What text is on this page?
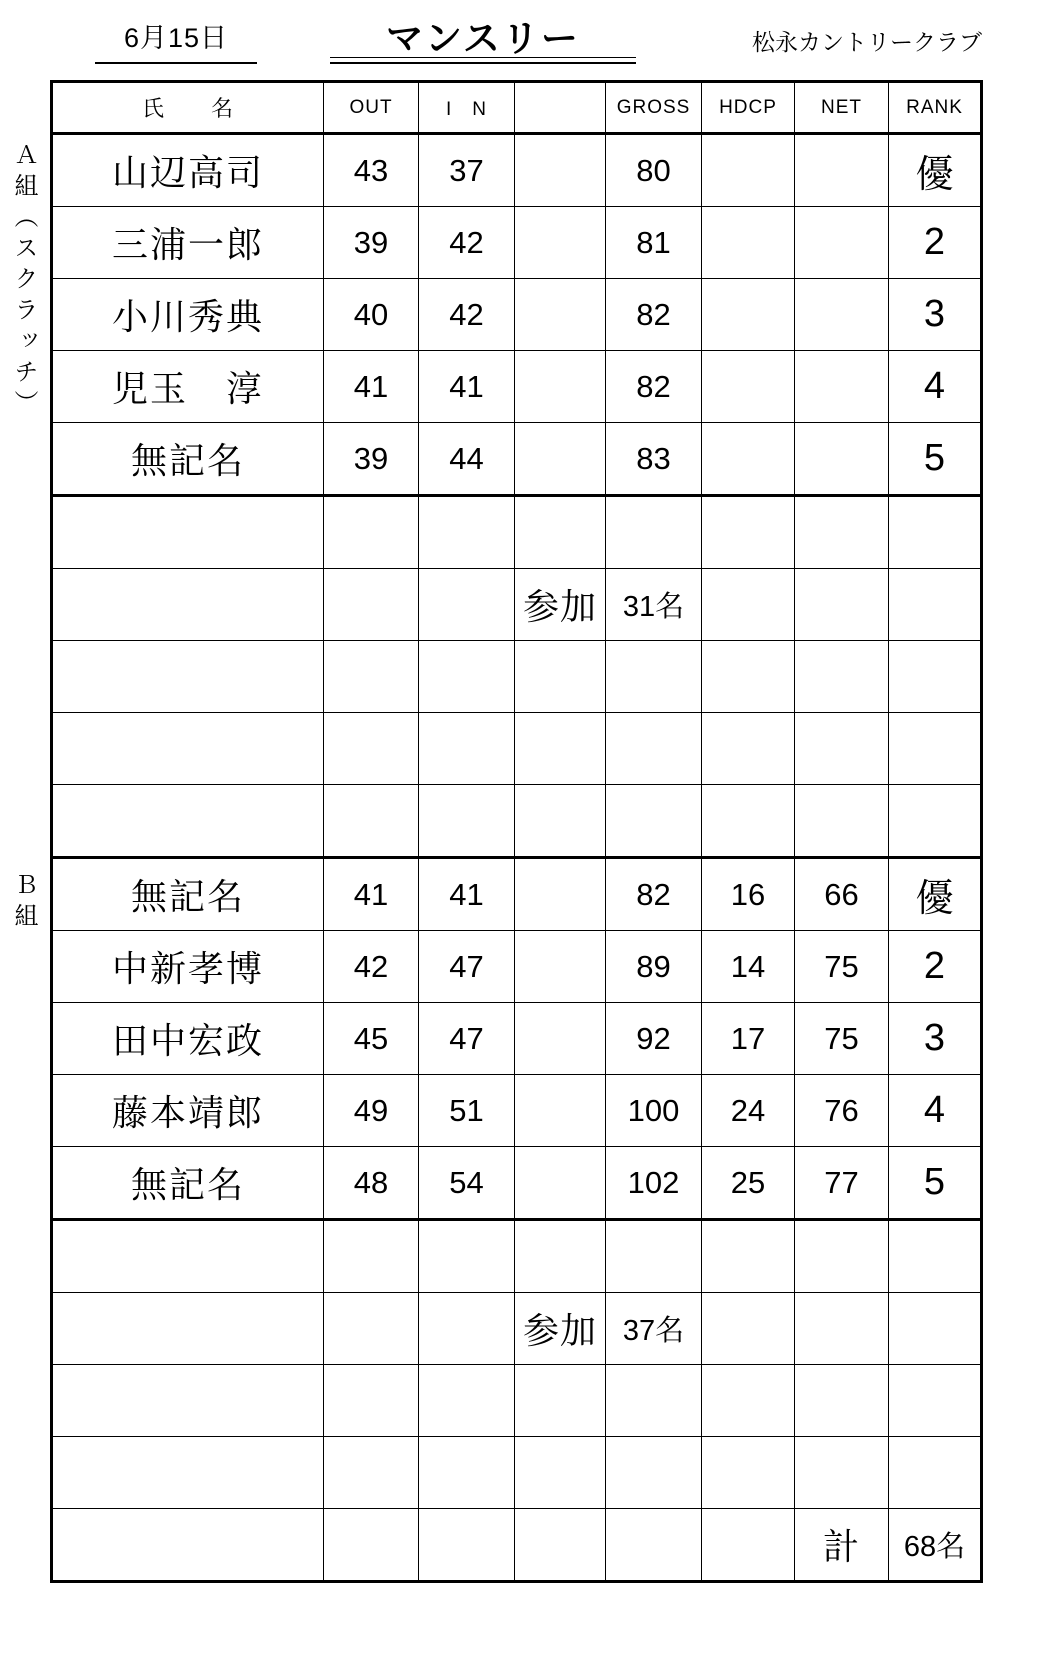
6月15日	マンスリー	松永カントリークラブ
Ａ組（スクラッチ）
Ｂ組
氏　　名	OUT	I　N		GROSS	HDCP	NET	RANK
山辺高司	43	37		80			優
三浦一郎	39	42		81			2
小川秀典	40	42		82			3
児玉　淳	41	41		82			4
無記名	39	44		83			5

			参加	31名			

無記名	41	41		82	16	66	優
中新孝博	42	47		89	14	75	2
田中宏政	45	47		92	17	75	3
藤本靖郎	49	51		100	24	76	4
無記名	48	54		102	25	77	5

			参加	37名			

						計	68名
